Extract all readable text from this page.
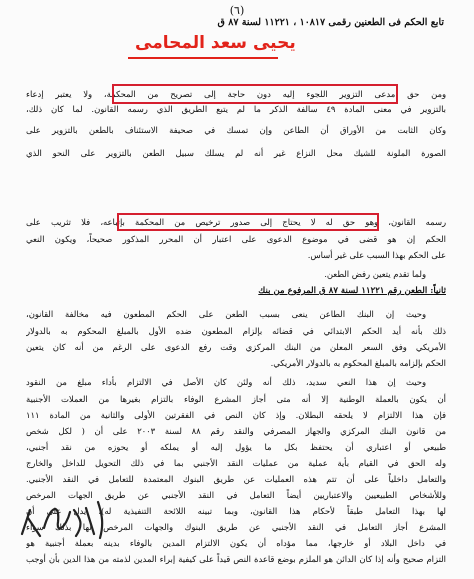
(٦)
تابع الحكم فى الطعنين رقمى ١٠٨١٧ ، ١١٢٢١ لسنة ٨٧ ق
يحيى سعد المحامى
ومن حق مدعى التزوير اللجوء إليه دون حاجة إلى تصريح من المحكمة، ولا يعتبر إدعاء
بالتزوير في معنى المادة ٤٩ سالفة الذكر ما لم يتبع الطريق الذي رسمه القانون. لما كان ذلك،
وكان الثابت من الأوراق أن الطاعن وإن تمسك في صحيفة الاستئناف بالطعن بالتزوير على
الصورة الملونة للشيك محل النزاع غير أنه لم يسلك سبيل الطعن بالتزوير على النحو الذي
رسمه القانون، وهو حق له لا يحتاج إلى صدور ترخيص من المحكمة بإتباعه، فلا تثريب على
الحكم إن هو قضى في موضوع الدعوى على اعتبار أن المحرر المذكور صحيحاً، ويكون النعي
على الحكم بهذا السبب على غير أساس.
ولما تقدم يتعين رفض الطعن.
ثانياً: الطعن رقم ١١٢٢١ لسنة ٨٧ ق المرفوع من بنك
وحيث إن البنك الطاعن ينعى بسبب الطعن على الحكم المطعون فيه مخالفة القانون،
ذلك بأنه أيد الحكم الابتدائي في قضائه بإلزام المطعون ضده الأول بالمبلغ المحكوم به بالدولار
الأمريكي وفق السعر المعلن من البنك المركزي وقت رفع الدعوى على الرغم من أنه كان يتعين
الحكم بإلزامه بالمبلغ المحكوم به بالدولار الأمريكي.
وحيث إن هذا النعي سديد، ذلك أنه ولئن كان الأصل في الالتزام بأداء مبلغ من النقود
أن يكون بالعملة الوطنية إلا أنه متى أجاز المشرع الوفاء بالتزام بغيرها من العملات الأجنبية
فإن هذا الالتزام لا يلحقه البطلان. وإذ كان النص في الفقرتين الأولى والثانية من المادة ١١١
من قانون البنك المركزي والجهاز المصرفي والنقد رقم ٨٨ لسنة ٢٠٠٣ على أن ( لكل شخص
طبيعي أو اعتباري أن يحتفظ بكل ما يؤول إليه أو يملكه أو يحوزه من نقد أجنبي،
وله الحق في القيام بأية عملية من عمليات النقد الأجنبي بما في ذلك التحويل للداخل والخارج
والتعامل داخلياً على أن تتم هذه العمليات عن طريق البنوك المعتمدة للتعامل في النقد الأجنبي.
وللأشخاص الطبيعيين والاعتباريين أيضاً التعامل في النقد الأجنبي عن طريق الجهات المرخص
لها بهذا التعامل طبقاً لأحكام هذا القانون، وبما تبينه اللائحة التنفيذية له)، يدل على أن
المشرع أجاز التعامل في النقد الأجنبي عن طريق البنوك والجهات المرخص لها بذلك سواء
في داخل البلاد أو خارجها، مما مؤداه أن يكون الالتزام المدين بالوفاء بدينه بعملة أجنبية هو
التزام صحيح وأنه إذا كان الدائن هو الملزم بوضع قاعدة النص قيداً على كيفية إبراء المدين لذمته من هذا الدين بأن أوجب
